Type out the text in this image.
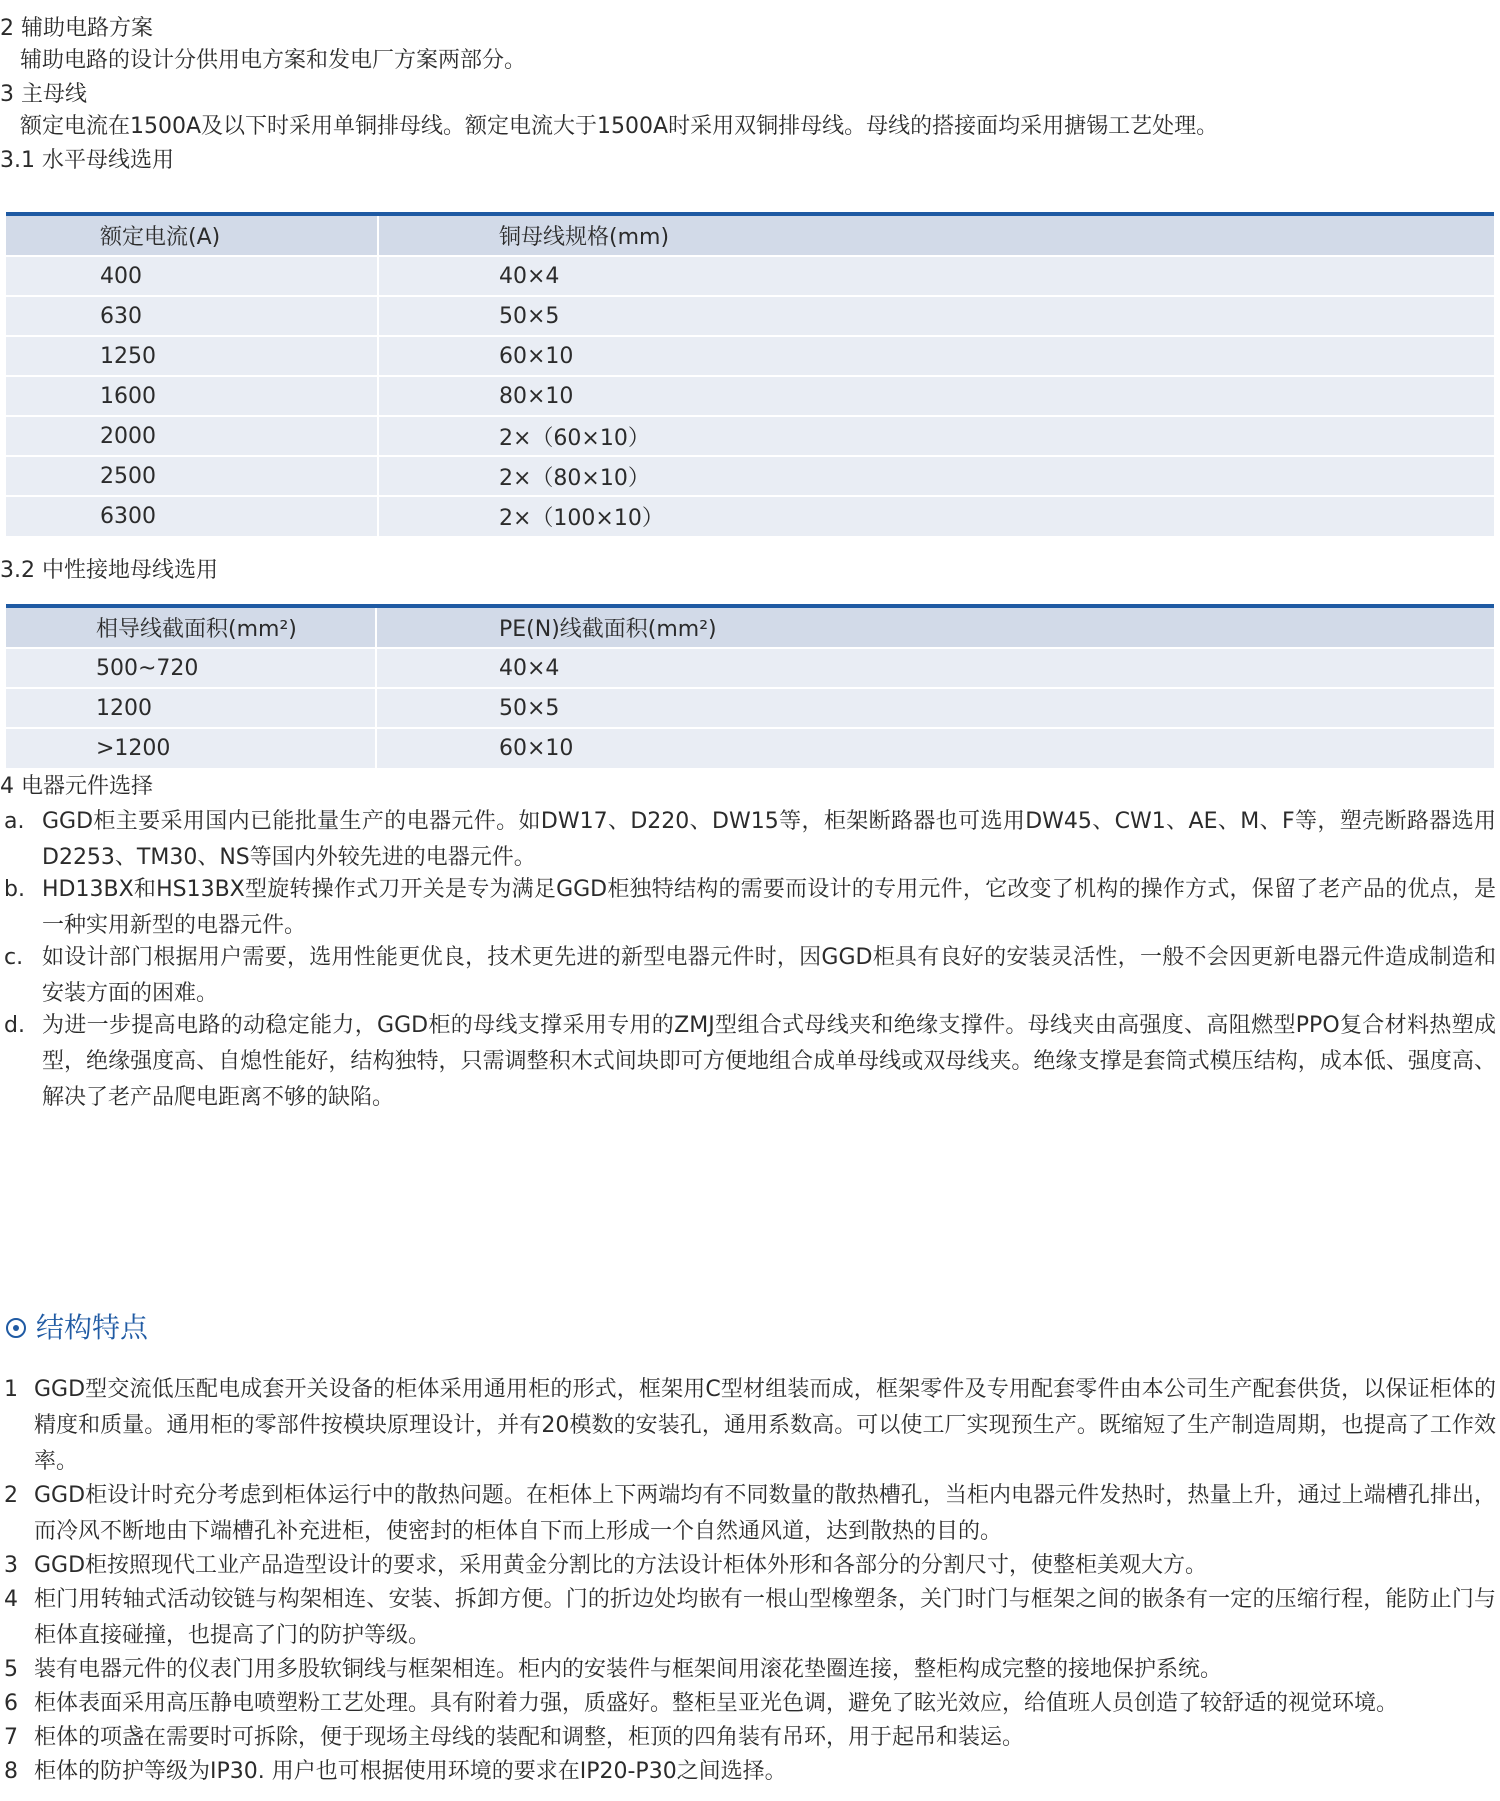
2 辅助电路方案
辅助电路的设计分供用电方案和发电厂方案两部分。
3 主母线
额定电流在1500A及以下时采用单铜排母线。额定电流大于1500A时采用双铜排母线。母线的搭接面均采用搪锡工艺处理。
3.1 水平母线选用
额定电流(A)	铜母线规格(mm)
400	40×4
630	50×5
1250	60×10
1600	80×10
2000	2×（60×10）
2500	2×（80×10）
6300	2×（100×10）
3.2 中性接地母线选用
相导线截面积(mm²)	PE(N)线截面积(mm²)
500~720	40×4
1200	50×5
>1200	60×10
4 电器元件选择
a. GGD柜主要采用国内已能批量生产的电器元件。如DW17、D220、DW15等，柜架断路器也可选用DW45、CW1、AE、M、F等，塑壳断路器选用D2253、TM30、NS等国内外较先进的电器元件。
b. HD13BX和HS13BX型旋转操作式刀开关是专为满足GGD柜独特结构的需要而设计的专用元件，它改变了机构的操作方式，保留了老产品的优点，是一种实用新型的电器元件。
c. 如设计部门根据用户需要，选用性能更优良，技术更先进的新型电器元件时，因GGD柜具有良好的安装灵活性，一般不会因更新电器元件造成制造和安装方面的困难。
d. 为进一步提高电路的动稳定能力，GGD柜的母线支撑采用专用的ZMJ型组合式母线夹和绝缘支撑件。母线夹由高强度、高阻燃型PPO复合材料热塑成型，绝缘强度高、自熄性能好，结构独特，只需调整积木式间块即可方便地组合成单母线或双母线夹。绝缘支撑是套筒式模压结构，成本低、强度高、解决了老产品爬电距离不够的缺陷。
结构特点
1 GGD型交流低压配电成套开关设备的柜体采用通用柜的形式，框架用C型材组装而成，框架零件及专用配套零件由本公司生产配套供货，以保证柜体的精度和质量。通用柜的零部件按模块原理设计，并有20模数的安装孔，通用系数高。可以使工厂实现预生产。既缩短了生产制造周期，也提高了工作效率。
2 GGD柜设计时充分考虑到柜体运行中的散热问题。在柜体上下两端均有不同数量的散热槽孔，当柜内电器元件发热时，热量上升，通过上端槽孔排出，而冷风不断地由下端槽孔补充进柜，使密封的柜体自下而上形成一个自然通风道，达到散热的目的。
3 GGD柜按照现代工业产品造型设计的要求，采用黄金分割比的方法设计柜体外形和各部分的分割尺寸，使整柜美观大方。
4 柜门用转轴式活动铰链与构架相连、安装、拆卸方便。门的折边处均嵌有一根山型橡塑条，关门时门与框架之间的嵌条有一定的压缩行程，能防止门与柜体直接碰撞，也提高了门的防护等级。
5 装有电器元件的仪表门用多股软铜线与框架相连。柜内的安装件与框架间用滚花垫圈连接，整柜构成完整的接地保护系统。
6 柜体表面采用高压静电喷塑粉工艺处理。具有附着力强，质盛好。整柜呈亚光色调，避免了眩光效应，给值班人员创造了较舒适的视觉环境。
7 柜体的项盏在需要时可拆除，便于现场主母线的装配和调整，柜顶的四角装有吊环，用于起吊和装运。
8 柜体的防护等级为IP30. 用户也可根据使用环境的要求在IP20-P30之间选择。
